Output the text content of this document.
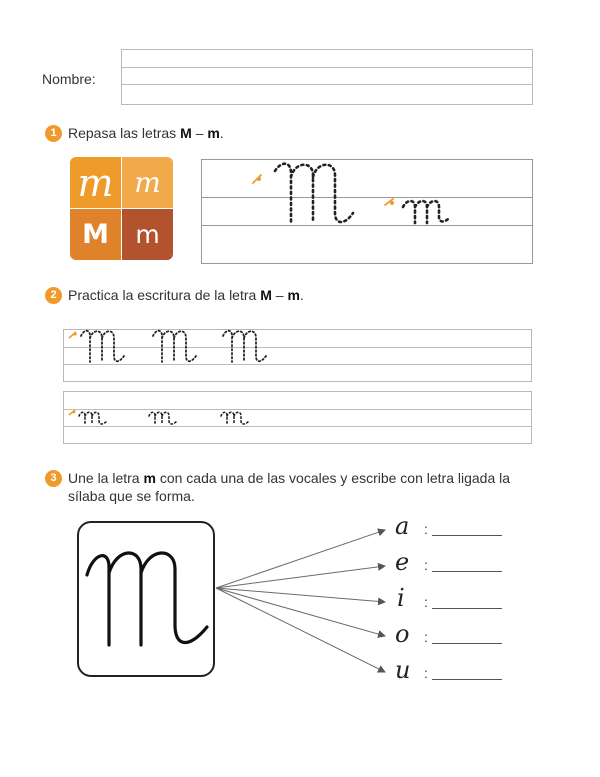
Nombre:
1 Repasa las letras M – m.
m m
M m
2 Practica la escritura de la letra M – m.
3 Une la letra m con cada una de las vocales y escribe con letra ligada la sílaba que se forma.
a :
e :
i :
o :
u :
